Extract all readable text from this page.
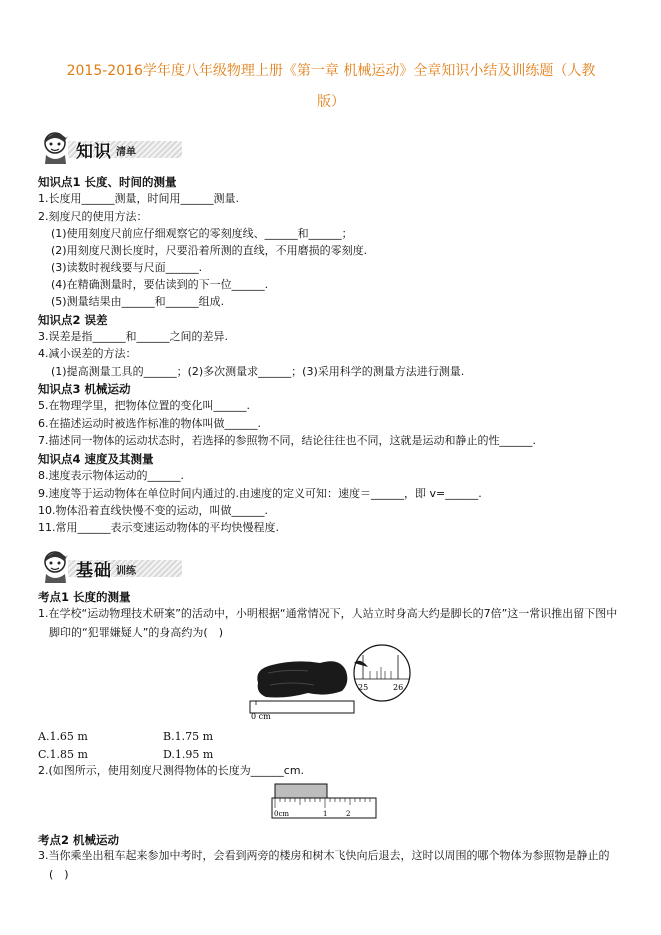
2015-2016学年度八年级物理上册《第一章 机械运动》全章知识小结及训练题（人教
版）
知识 清单
知识点1 长度、时间的测量
1.长度用______测量，时间用______测量.
2.刻度尺的使用方法：
(1)使用刻度尺前应仔细观察它的零刻度线、______和______；
(2)用刻度尺测长度时，尺要沿着所测的直线，不用磨损的零刻度.
(3)读数时视线要与尺面______.
(4)在精确测量时，要估读到的下一位______.
(5)测量结果由______和______组成.
知识点2 误差
3.误差是指______和______之间的差异.
4.减小误差的方法：
(1)提高测量工具的______；(2)多次测量求______；(3)采用科学的测量方法进行测量.
知识点3 机械运动
5.在物理学里，把物体位置的变化叫______.
6.在描述运动时被选作标准的物体叫做______.
7.描述同一物体的运动状态时，若选择的参照物不同，结论往往也不同，这就是运动和静止的性______.
知识点4 速度及其测量
8.速度表示物体运动的______.
9.速度等于运动物体在单位时间内通过的.由速度的定义可知：速度＝______，即 v=______.
10.物体沿着直线快慢不变的运动，叫做______.
11.常用______表示变速运动物体的平均快慢程度.
基础 训练
考点1 长度的测量
1.在学校“运动物理技术研案”的活动中，小明根据“通常情况下，人站立时身高大约是脚长的7倍”这一常识推出留下图中脚印的“犯罪嫌疑人”的身高约为(　)
0 cm
25	26
A.1.65 m	B.1.75 m
C.1.85 m	D.1.95 m
2.(如图所示，使用刻度尺测得物体的长度为______cm.
0cm	1	2
考点2 机械运动
3.当你乘坐出租车起来参加中考时，会看到两旁的楼房和树木飞快向后退去，这时以周围的哪个物体为参照物是静止的(　)
